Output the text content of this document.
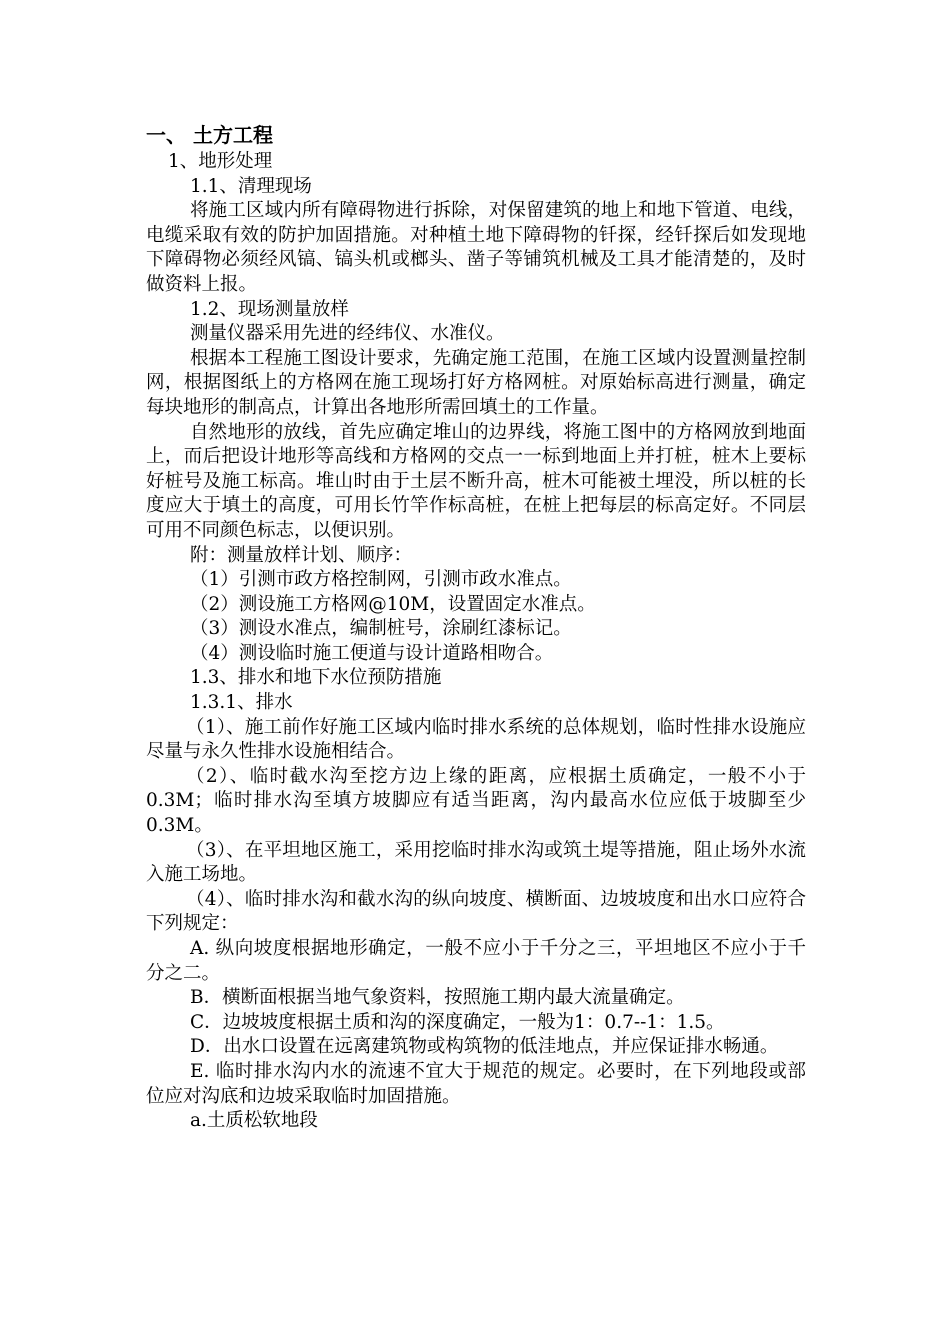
一、 土方工程
1、地形处理
1.1、清理现场
将施工区域内所有障碍物进行拆除，对保留建筑的地上和地下管道、电线，电缆采取有效的防护加固措施。对种植土地下障碍物的钎探，经钎探后如发现地下障碍物必须经风镐、镐头机或榔头、凿子等铺筑机械及工具才能清楚的，及时做资料上报。
1.2、现场测量放样
测量仪器采用先进的经纬仪、水准仪。
根据本工程施工图设计要求，先确定施工范围，在施工区域内设置测量控制网，根据图纸上的方格网在施工现场打好方格网桩。对原始标高进行测量，确定每块地形的制高点，计算出各地形所需回填土的工作量。
自然地形的放线，首先应确定堆山的边界线，将施工图中的方格网放到地面上，而后把设计地形等高线和方格网的交点一一标到地面上并打桩，桩木上要标好桩号及施工标高。堆山时由于土层不断升高，桩木可能被土埋没，所以桩的长度应大于填土的高度，可用长竹竿作标高桩，在桩上把每层的标高定好。不同层可用不同颜色标志，以便识别。
附：测量放样计划、顺序：
（1）引测市政方格控制网，引测市政水准点。
（2）测设施工方格网@10M，设置固定水准点。
（3）测设水准点，编制桩号，涂刷红漆标记。
（4）测设临时施工便道与设计道路相吻合。
1.3、排水和地下水位预防措施
1.3.1、排水
（1）、施工前作好施工区域内临时排水系统的总体规划，临时性排水设施应尽量与永久性排水设施相结合。
（2）、临时截水沟至挖方边上缘的距离，应根据土质确定，一般不小于0.3M；临时排水沟至填方坡脚应有适当距离，沟内最高水位应低于坡脚至少0.3M。
（3）、在平坦地区施工，采用挖临时排水沟或筑土堤等措施，阻止场外水流入施工场地。
（4）、临时排水沟和截水沟的纵向坡度、横断面、边坡坡度和出水口应符合下列规定：
A. 纵向坡度根据地形确定，一般不应小于千分之三，平坦地区不应小于千分之二。
B．横断面根据当地气象资料，按照施工期内最大流量确定。
C．边坡坡度根据土质和沟的深度确定，一般为1：0.7--1：1.5。
D．出水口设置在远离建筑物或构筑物的低洼地点，并应保证排水畅通。
E. 临时排水沟内水的流速不宜大于规范的规定。必要时，在下列地段或部位应对沟底和边坡采取临时加固措施。
a.土质松软地段
